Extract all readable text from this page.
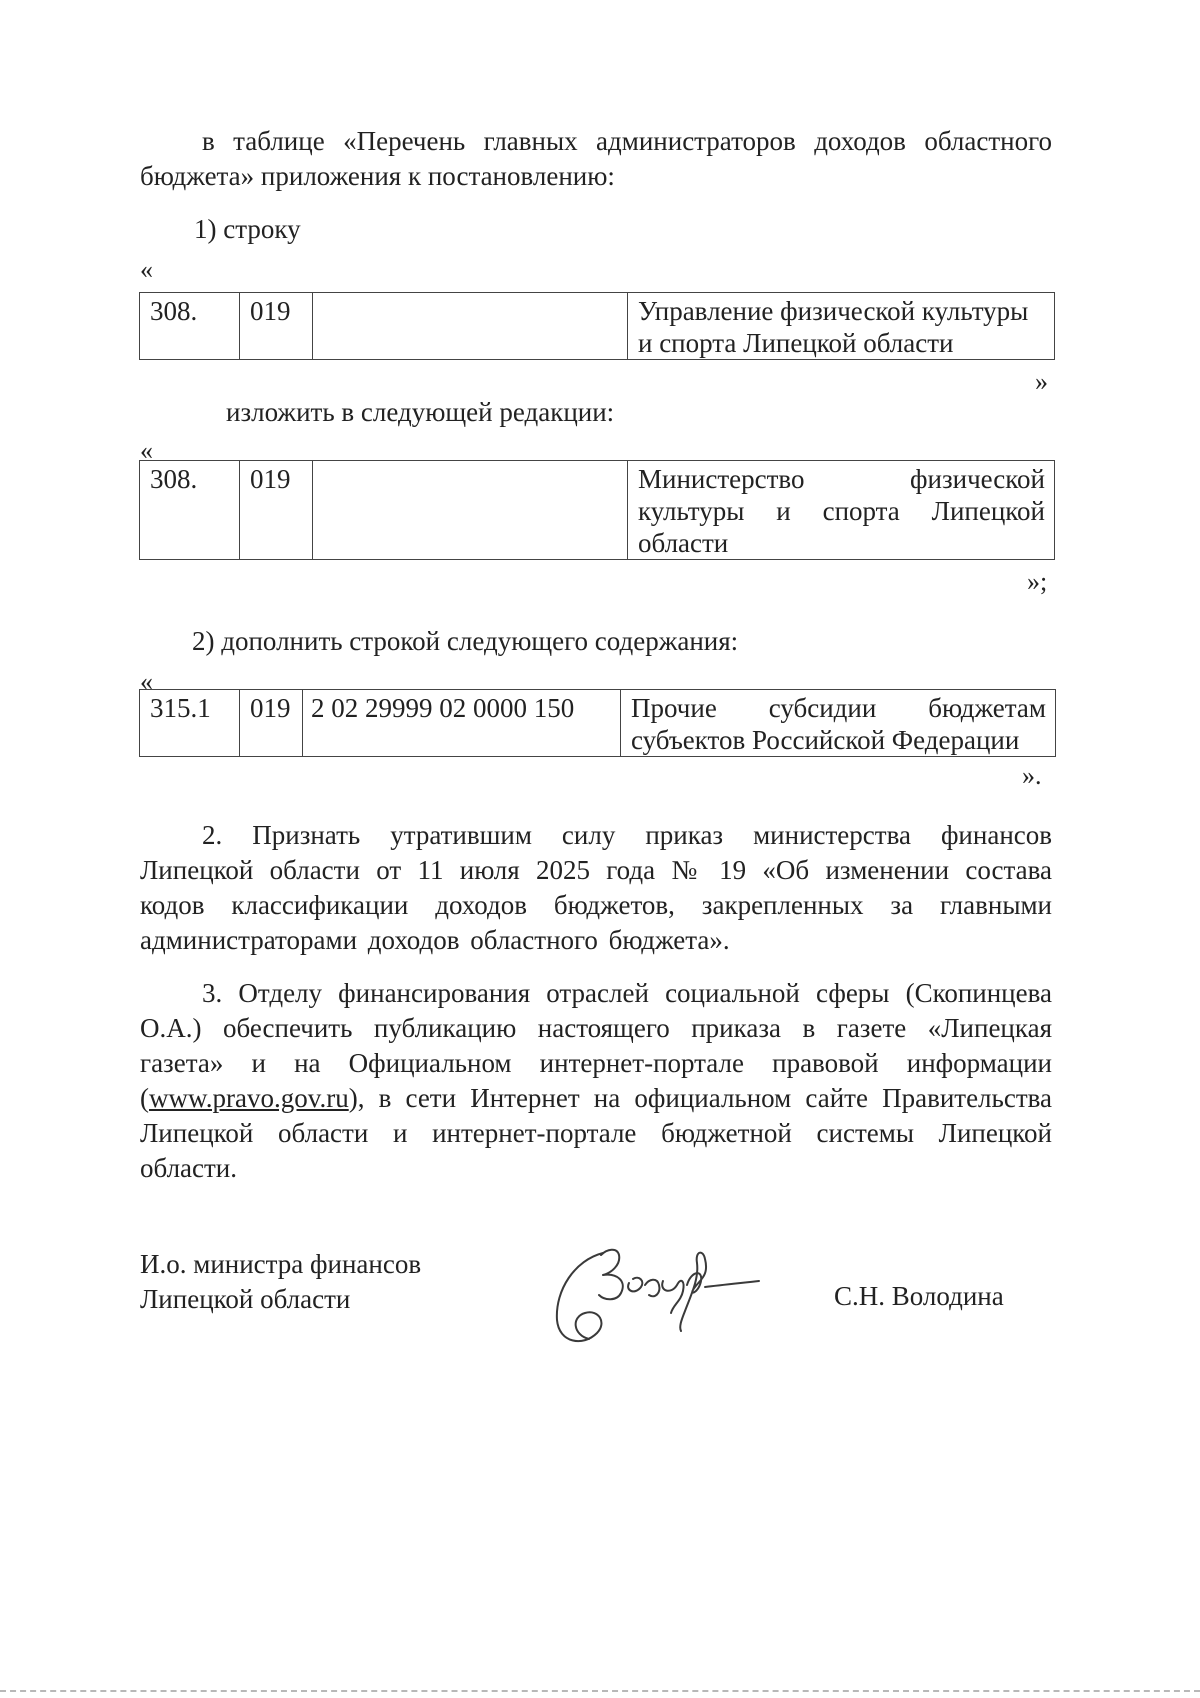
в таблице «Перечень главных администраторов доходов областного бюджета» приложения к постановлению:

1) строку

«

308.	019		Управление физической культуры и спорта Липецкой области

»

изложить в следующей редакции:

«

308.	019		Министерство физической культуры и спорта Липецкой области

»;

2) дополнить строкой следующего содержания:

«

315.1	019	2 02 29999 02 0000 150	Прочие субсидии бюджетам субъектов Российской Федерации

».

2. Признать утратившим силу приказ министерства финансов Липецкой области от 11 июля 2025 года № 19 «Об изменении состава кодов классификации доходов бюджетов, закрепленных за главными администраторами доходов областного бюджета».

3. Отделу финансирования отраслей социальной сферы (Скопинцева О.А.) обеспечить публикацию настоящего приказа в газете «Липецкая газета» и на Официальном интернет-портале правовой информации (www.pravo.gov.ru), в сети Интернет на официальном сайте Правительства Липецкой области и интернет-портале бюджетной системы Липецкой области.

И.о. министра финансов
Липецкой области	С.Н. Володина
